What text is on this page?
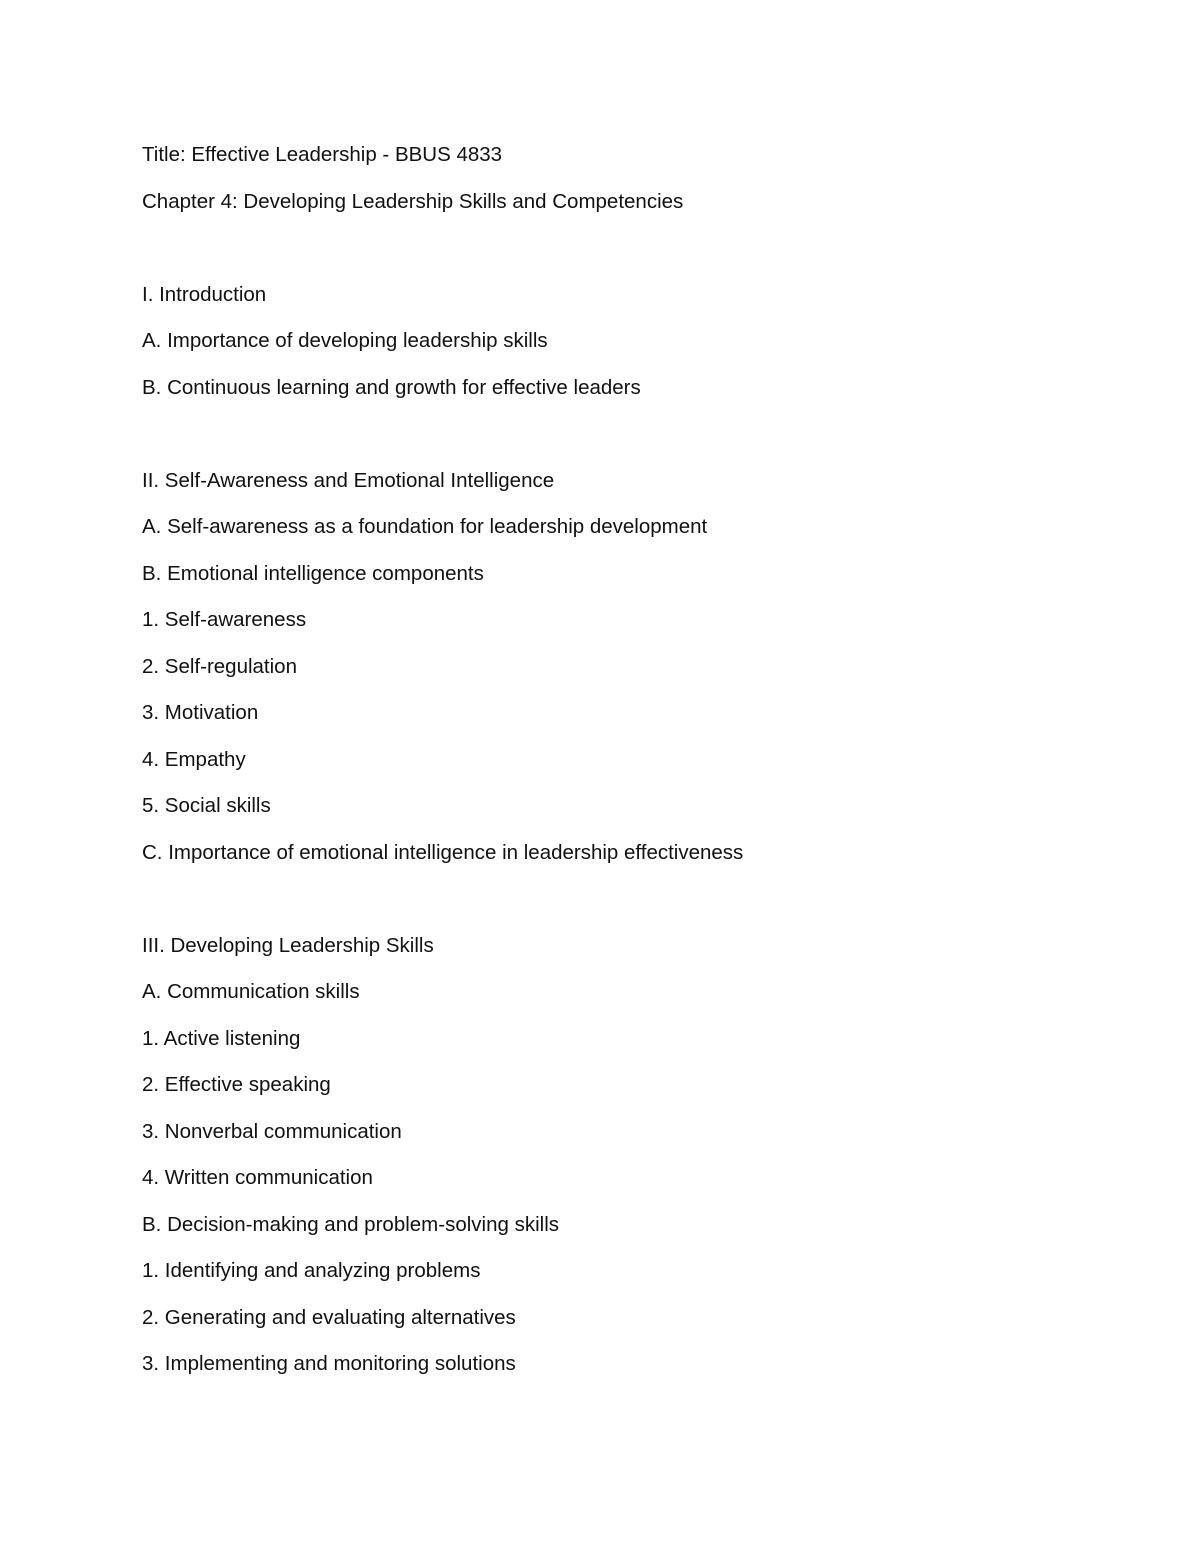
Title: Effective Leadership - BBUS 4833

Chapter 4: Developing Leadership Skills and Competencies

I. Introduction

A. Importance of developing leadership skills

B. Continuous learning and growth for effective leaders

II. Self-Awareness and Emotional Intelligence

A. Self-awareness as a foundation for leadership development

B. Emotional intelligence components

1. Self-awareness

2. Self-regulation

3. Motivation

4. Empathy

5. Social skills

C. Importance of emotional intelligence in leadership effectiveness

III. Developing Leadership Skills

A. Communication skills

1. Active listening

2. Effective speaking

3. Nonverbal communication

4. Written communication

B. Decision-making and problem-solving skills

1. Identifying and analyzing problems

2. Generating and evaluating alternatives

3. Implementing and monitoring solutions
